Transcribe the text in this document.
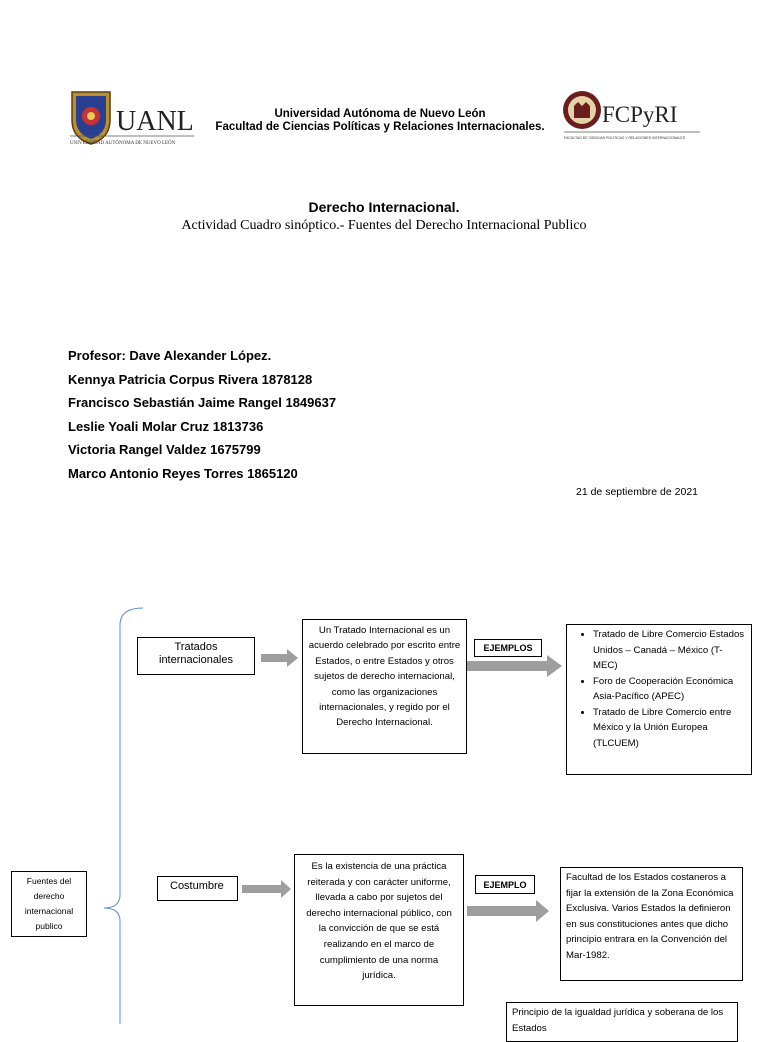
UANL
UNIVERSIDAD AUTÓNOMA DE NUEVO LEÓN
Universidad Autónoma de Nuevo León
Facultad de Ciencias Políticas y Relaciones Internacionales.	FCPyRI
FACULTAD DE CIENCIAS POLÍTICAS Y RELACIONES INTERNACIONALES
Derecho Internacional.
Actividad Cuadro sinóptico.- Fuentes del Derecho Internacional Publico
Profesor: Dave Alexander López.
Kennya Patricia Corpus Rivera 1878128
Francisco Sebastián Jaime Rangel 1849637
Leslie Yoali Molar Cruz 1813736
Victoria Rangel Valdez 1675799
Marco Antonio Reyes Torres 1865120
21 de septiembre de 2021
Fuentes del derecho internacional publico
Tratados internacionales
Un Tratado Internacional es un acuerdo celebrado por escrito entre Estados, o entre Estados y otros sujetos de derecho internacional, como las organizaciones internacionales, y regido por el Derecho Internacional.
EJEMPLOS
• Tratado de Libre Comercio Estados Unidos – Canadá – México (T-MEC)
• Foro de Cooperación Económica Asia-Pacífico (APEC)
• Tratado de Libre Comercio entre México y la Unión Europea (TLCUEM)
Costumbre
Es la existencia de una práctica reiterada y con carácter uniforme, llevada a cabo por sujetos del derecho internacional público, con la convicción de que se está realizando en el marco de cumplimiento de una norma jurídica.
EJEMPLO
Facultad de los Estados costaneros a fijar la extensión de la Zona Económica Exclusiva. Varios Estados la definieron en sus constituciones antes que dicho principio entrara en la Convención del Mar-1982.
Principio de la igualdad jurídica y soberana de los Estados
